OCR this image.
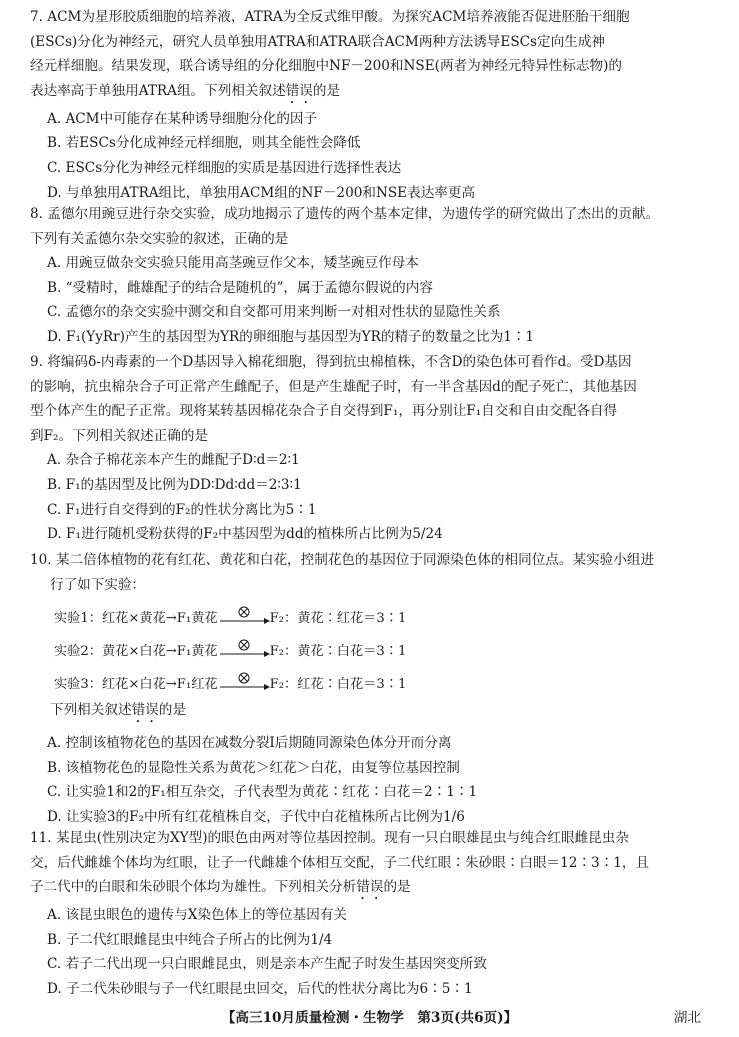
7. ACM为星形胶质细胞的培养液，ATRA为全反式维甲酸。为探究ACM培养液能否促进胚胎干细胞

(ESCs)分化为神经元，研究人员单独用ATRA和ATRA联合ACM两种方法诱导ESCs定向生成神

经元样细胞。结果发现，联合诱导组的分化细胞中NF－200和NSE(两者为神经元特异性标志物)的

表达率高于单独用ATRA组。下列相关叙述错误的是

A. ACM中可能存在某种诱导细胞分化的因子

B. 若ESCs分化成神经元样细胞，则其全能性会降低

C. ESCs分化为神经元样细胞的实质是基因进行选择性表达

D. 与单独用ATRA组比，单独用ACM组的NF－200和NSE表达率更高

8. 孟德尔用豌豆进行杂交实验，成功地揭示了遗传的两个基本定律，为遗传学的研究做出了杰出的贡献。

下列有关孟德尔杂交实验的叙述，正确的是

A. 用豌豆做杂交实验只能用高茎豌豆作父本，矮茎豌豆作母本

B. “受精时，雌雄配子的结合是随机的”，属于孟德尔假说的内容

C. 孟德尔的杂交实验中测交和自交都可用来判断一对相对性状的显隐性关系

D. F₁(YyRr)产生的基因型为YR的卵细胞与基因型为YR的精子的数量之比为1∶1

9. 将编码δ-内毒素的一个D基因导入棉花细胞，得到抗虫棉植株，不含D的染色体可看作d。受D基因

的影响，抗虫棉杂合子可正常产生雌配子，但是产生雄配子时，有一半含基因d的配子死亡，其他基因

型个体产生的配子正常。现将某转基因棉花杂合子自交得到F₁，再分别让F₁自交和自由交配各自得

到F₂。下列相关叙述正确的是

A. 杂合子棉花亲本产生的雌配子D∶d＝2∶1

B. F₁的基因型及比例为DD∶Dd∶dd＝2∶3∶1

C. F₁进行自交得到的F₂的性状分离比为5∶1

D. F₁进行随机受粉获得的F₂中基因型为dd的植株所占比例为5/24

10. 某二倍体植物的花有红花、黄花和白花，控制花色的基因位于同源染色体的相同位点。某实验小组进

行了如下实验：

实验1：红花×黄花→F₁黄花	F₂：黄花∶红花＝3∶1
实验2：黄花×白花→F₁黄花	F₂：黄花∶白花＝3∶1
实验3：红花×白花→F₁红花	F₂：红花∶白花＝3∶1

下列相关叙述错误的是

A. 控制该植物花色的基因在减数分裂Ⅰ后期随同源染色体分开而分离

B. 该植物花色的显隐性关系为黄花＞红花＞白花，由复等位基因控制

C. 让实验1和2的F₁相互杂交，子代表型为黄花∶红花∶白花＝2∶1∶1

D. 让实验3的F₂中所有红花植株自交，子代中白花植株所占比例为1/6

11. 某昆虫(性别决定为XY型)的眼色由两对等位基因控制。现有一只白眼雄昆虫与纯合红眼雌昆虫杂

交，后代雌雄个体均为红眼，让子一代雌雄个体相互交配，子二代红眼∶朱砂眼∶白眼＝12∶3∶1，且

子二代中的白眼和朱砂眼个体均为雄性。下列相关分析错误的是

A. 该昆虫眼色的遗传与X染色体上的等位基因有关

B. 子二代红眼雌昆虫中纯合子所占的比例为1/4

C. 若子二代出现一只白眼雌昆虫，则是亲本产生配子时发生基因突变所致

D. 子二代朱砂眼与子一代红眼昆虫回交，后代的性状分离比为6∶5∶1

【高三10月质量检测・生物学　第3页(共6页)】	湖北
